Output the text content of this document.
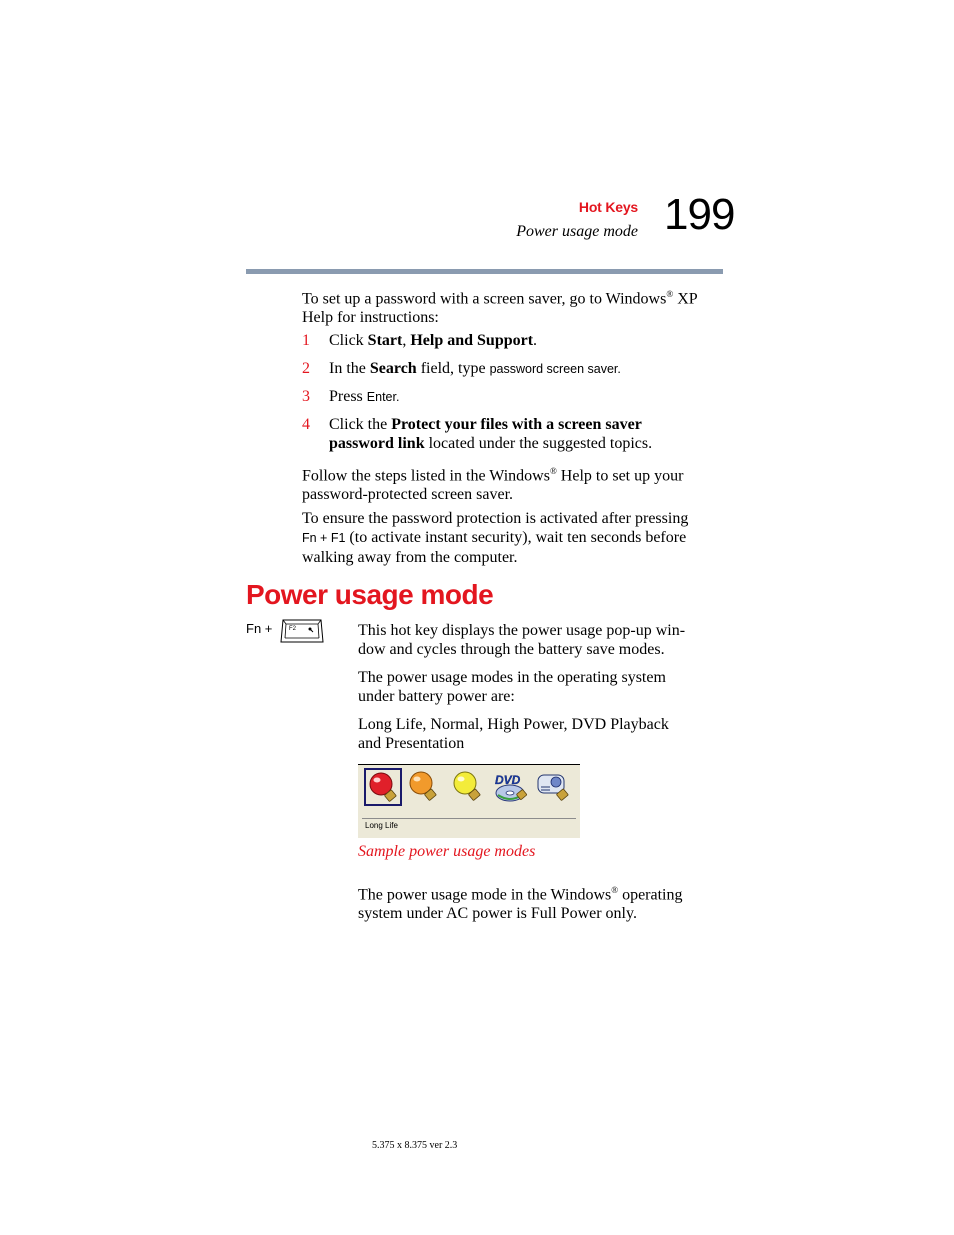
Hot Keys
Power usage mode 199
To set up a password with a screen saver, go to Windows® XP
Help for instructions:
1	Click Start, Help and Support.
2	In the Search field, type password screen saver.
3	Press Enter.
4	Click the Protect your files with a screen saver
password link located under the suggested topics.
Follow the steps listed in the Windows® Help to set up your
password-protected screen saver.
To ensure the password protection is activated after pressing
Fn + F1 (to activate instant security), wait ten seconds before
walking away from the computer.
Power usage mode
Fn +	F2	This hot key displays the power usage pop-up win-
dow and cycles through the battery save modes.
The power usage modes in the operating system
under battery power are:
Long Life, Normal, High Power, DVD Playback
and Presentation
DVD
Long Life
Sample power usage modes
The power usage mode in the Windows® operating
system under AC power is Full Power only.
5.375 x 8.375 ver 2.3
